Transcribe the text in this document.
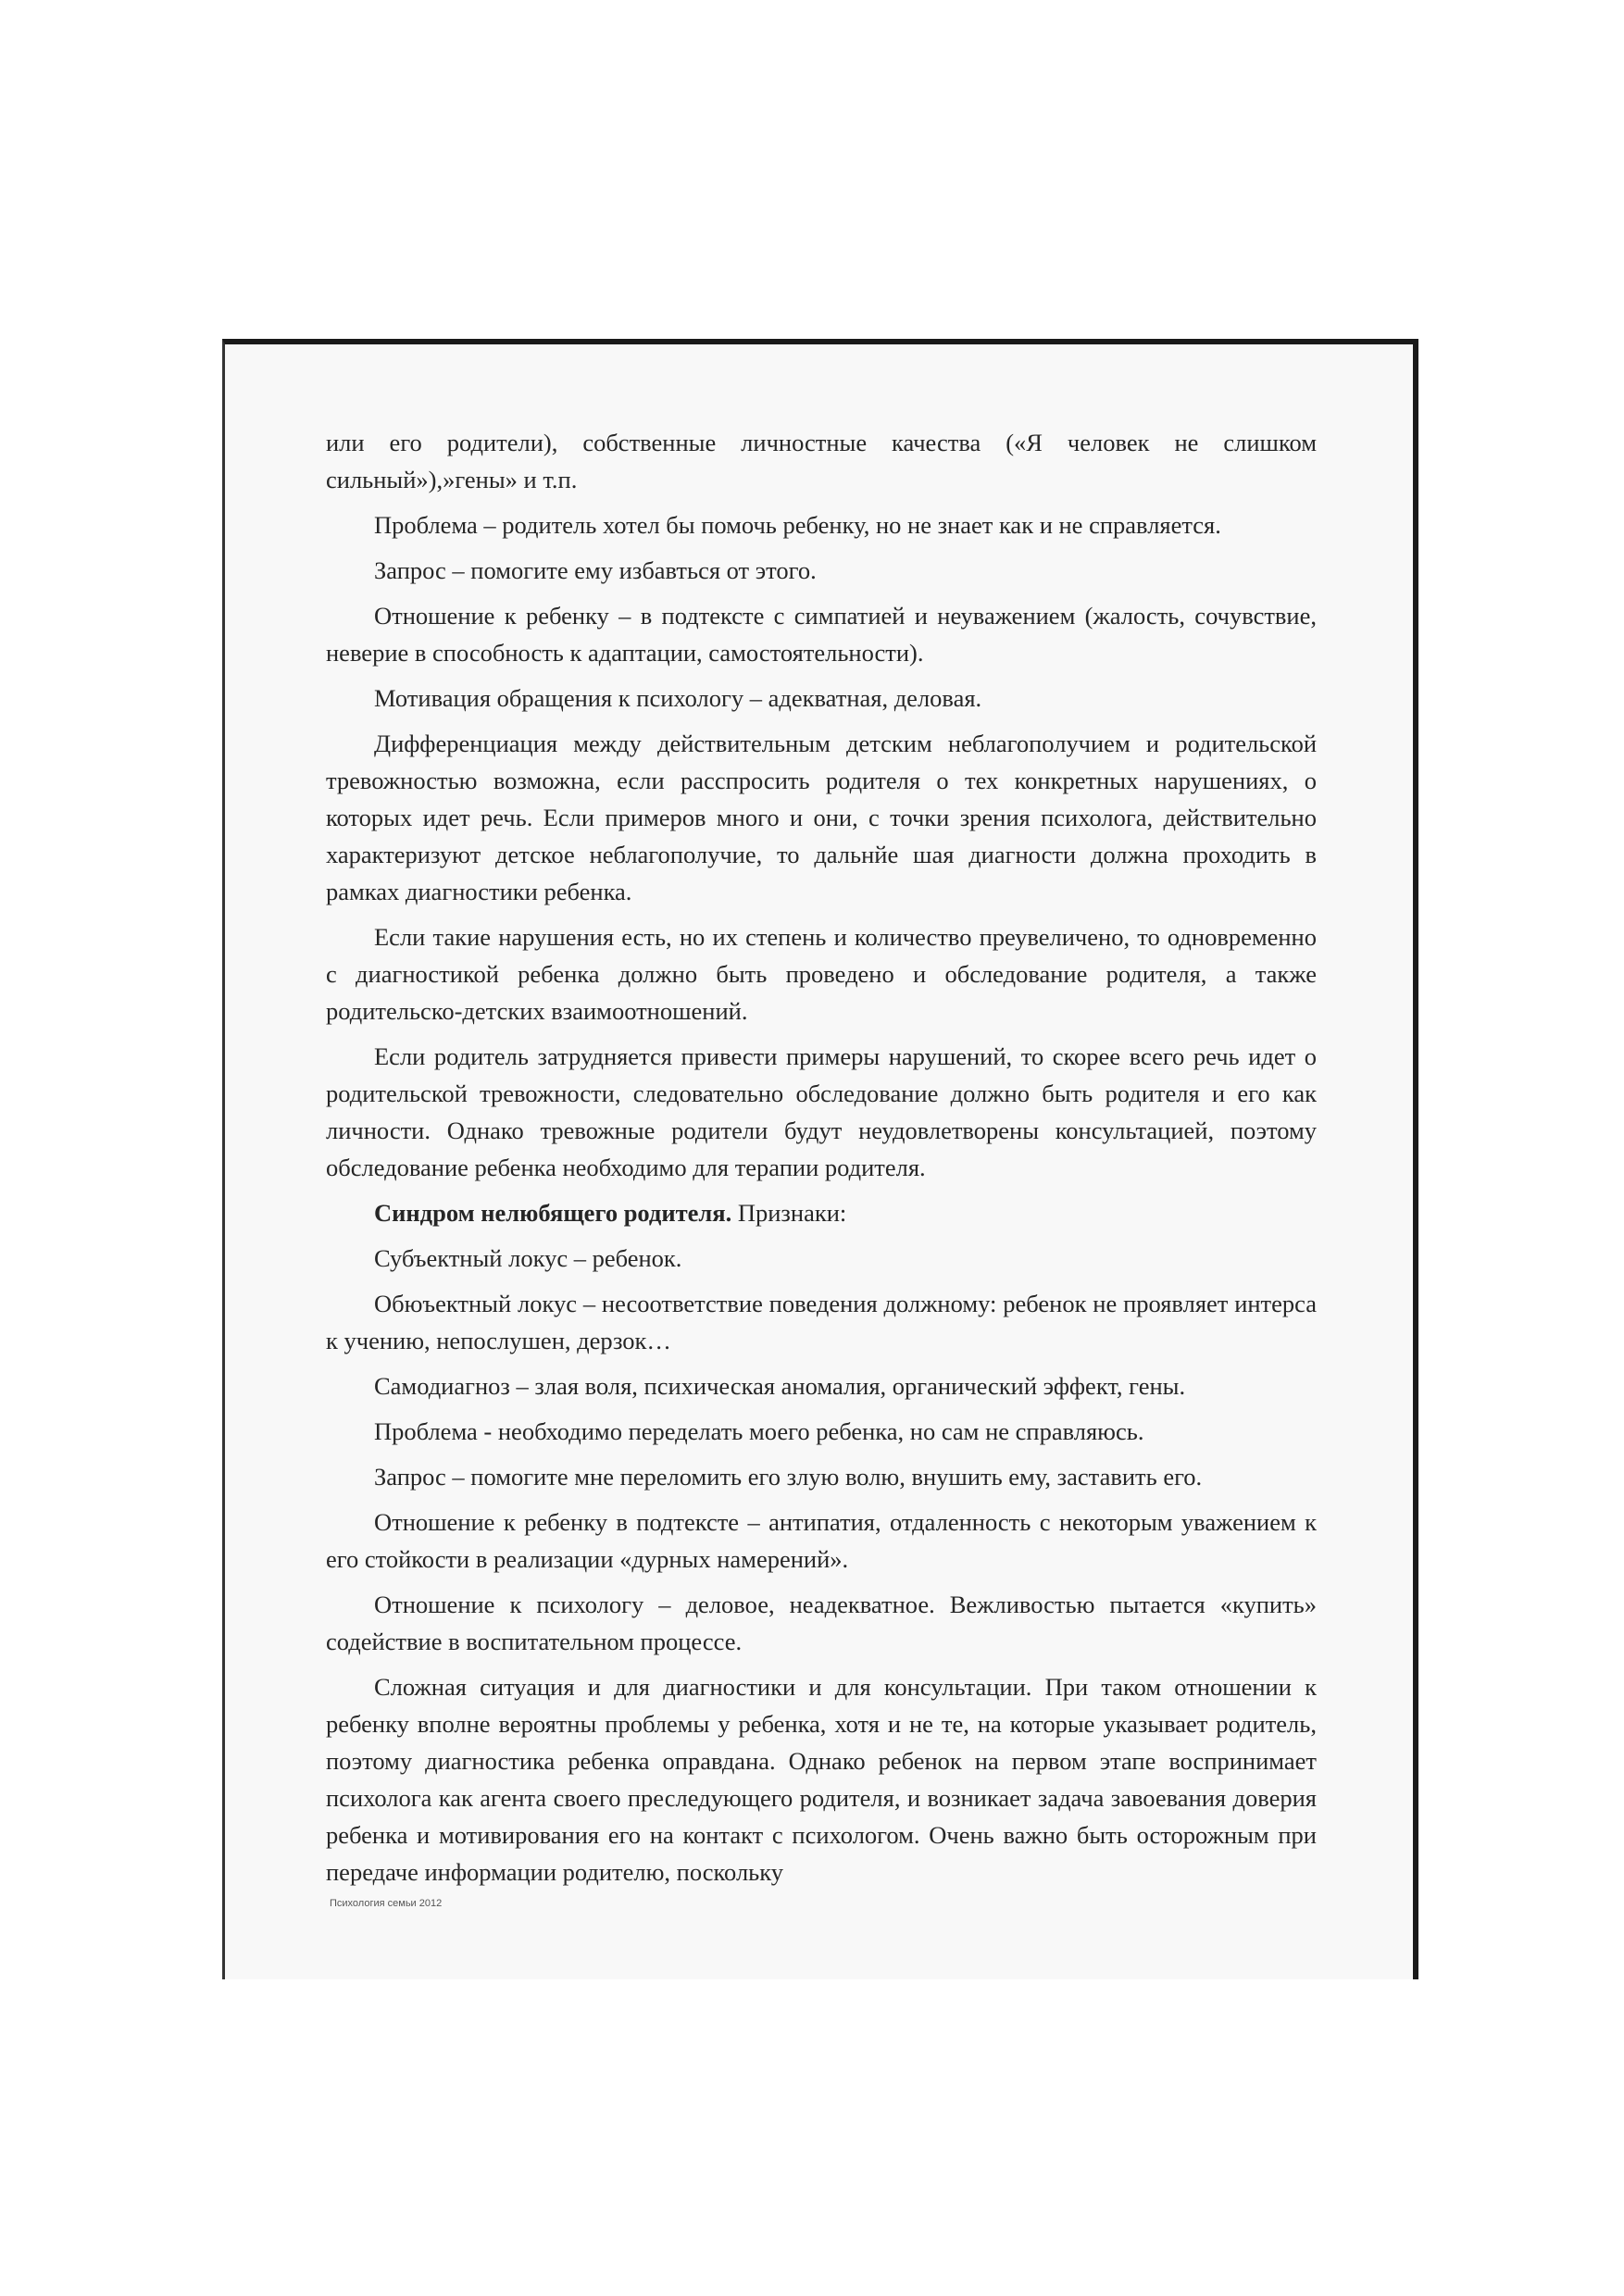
или его родители), собственные личностные качества («Я человек не слишком сильный»),»гены» и т.п.

Проблема – родитель хотел бы помочь ребенку, но не знает как и не справляется.

Запрос – помогите ему избавться от этого.

Отношение к ребенку – в подтексте с симпатией и неуважением (жалость, сочувствие, неверие в способность к адаптации, самостоятельности).

Мотивация обращения к психологу – адекватная, деловая.

Дифференциация между действительным детским неблагополучием и родительской тревожностью возможна, если расспросить родителя о тех конкретных нарушениях, о которых идет речь. Если примеров много и они, с точки зрения психолога, действительно характеризуют детское неблагополучие, то дальнйе шая диагности должна проходить в рамках диагностики ребенка.

Если такие нарушения есть, но их степень и количество преувеличено, то одновременно с диагностикой ребенка должно быть проведено и обследование родителя, а также родительско-детских взаимоотношений.

Если родитель затрудняется привести примеры нарушений, то скорее всего речь идет о родительской тревожности, следовательно обследование должно быть родителя и его как личности. Однако тревожные родители будут неудовлетворены консультацией, поэтому обследование ребенка необходимо для терапии родителя.

Синдром нелюбящего родителя. Признаки:

Субъектный локус – ребенок.

Обюъектный локус – несоответствие поведения должному: ребенок не проявляет интерса к учению, непослушен, дерзок…

Самодиагноз – злая воля, психическая аномалия, органический эффект, гены.

Проблема - необходимо переделать моего ребенка, но сам не справляюсь.

Запрос – помогите мне переломить его злую волю, внушить ему, заставить его.

Отношение к ребенку в подтексте – антипатия, отдаленность с некоторым уважением к его стойкости в реализации «дурных намерений».

Отношение к психологу – деловое, неадекватное. Вежливостью пытается «купить» содействие в воспитательном процессе.

Сложная ситуация и для диагностики и для консультации. При таком отношении к ребенку вполне вероятны проблемы у ребенка, хотя и не те, на которые указывает родитель, поэтому диагностика ребенка оправдана. Однако ребенок на первом этапе воспринимает психолога как агента своего преследующего родителя, и возникает задача завоевания доверия ребенка и мотивирования его на контакт с психологом. Очень важно быть осторожным при передаче информации родителю, поскольку

Психология семьи 2012
